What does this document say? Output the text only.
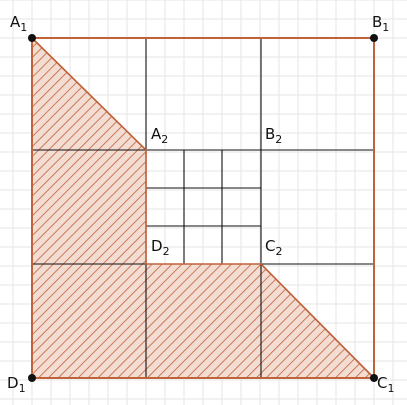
$A_1$	$B_1$
$C_1$
$D_1$
$A_2$	$B_2$
$C_2$
$D_2$
